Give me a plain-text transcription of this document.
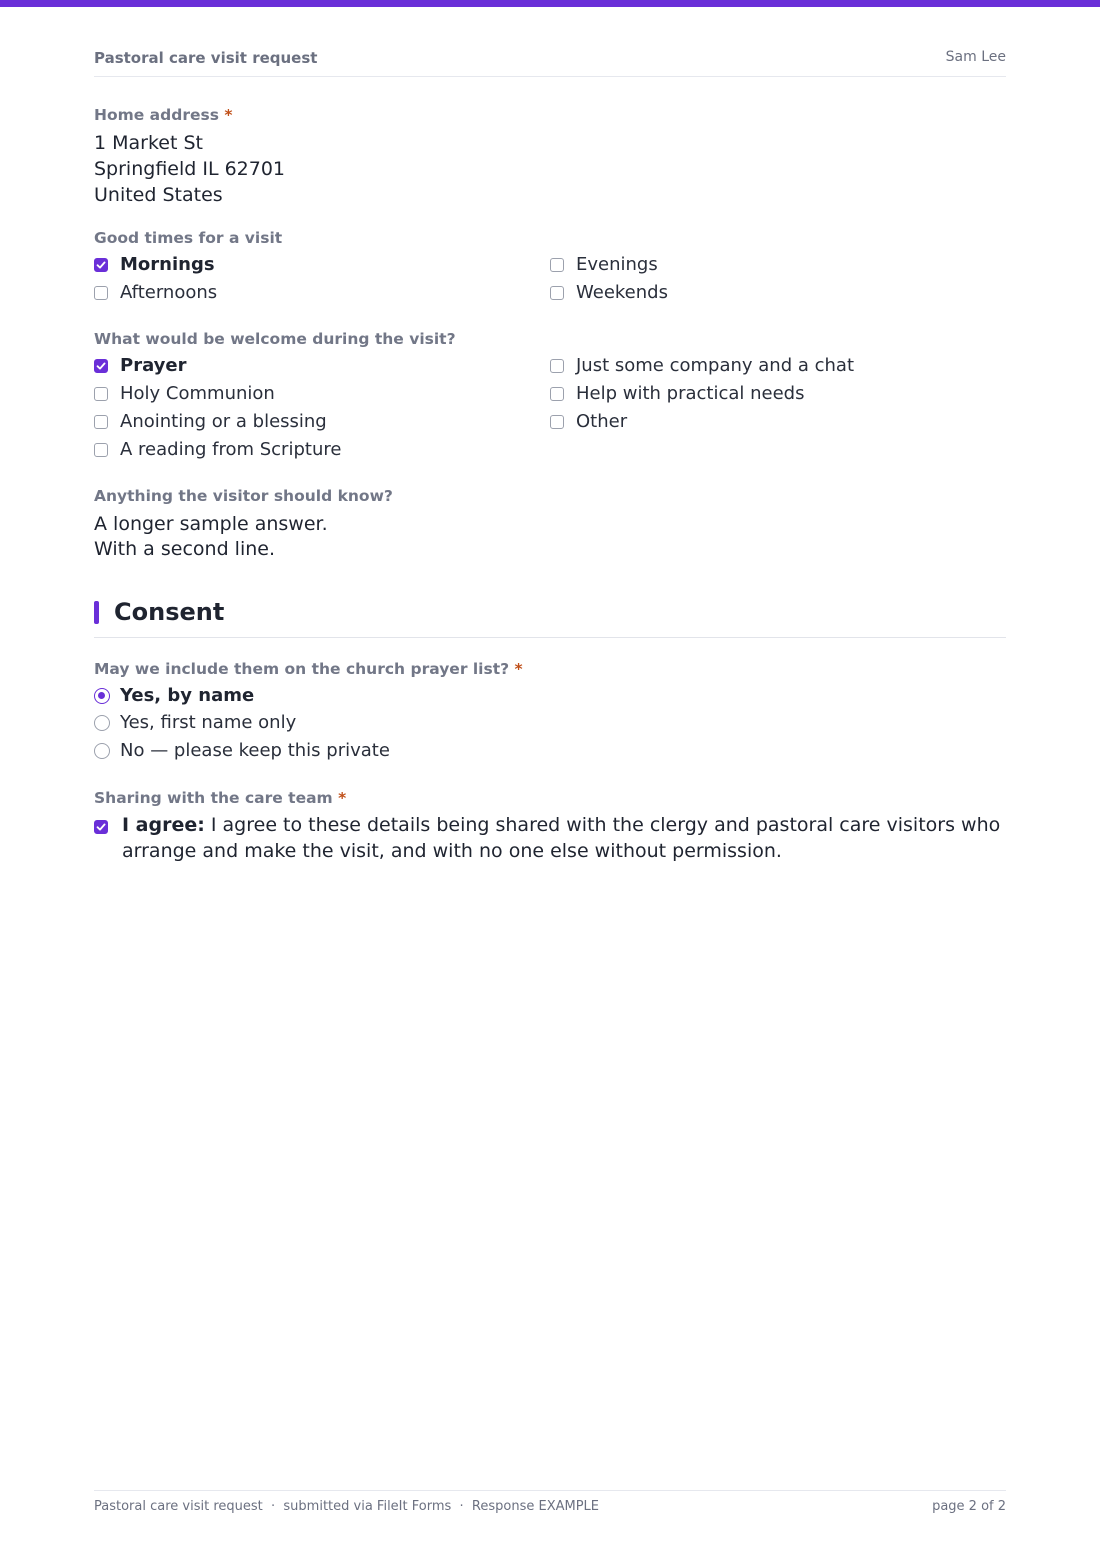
Pastoral care visit request	Sam Lee
Home address *
1 Market St
Springfield IL 62701
United States
Good times for a visit
Mornings	Evenings
Afternoons	Weekends
What would be welcome during the visit?
Prayer	Just some company and a chat
Holy Communion	Help with practical needs
Anointing or a blessing	Other
A reading from Scripture
Anything the visitor should know?
A longer sample answer.
With a second line.
Consent
May we include them on the church prayer list? *
Yes, by name
Yes, first name only
No — please keep this private
Sharing with the care team *
I agree: I agree to these details being shared with the clergy and pastoral care visitors who arrange and make the visit, and with no one else without permission.
Pastoral care visit request  ·  submitted via FileIt Forms  ·  Response EXAMPLE	page 2 of 2
